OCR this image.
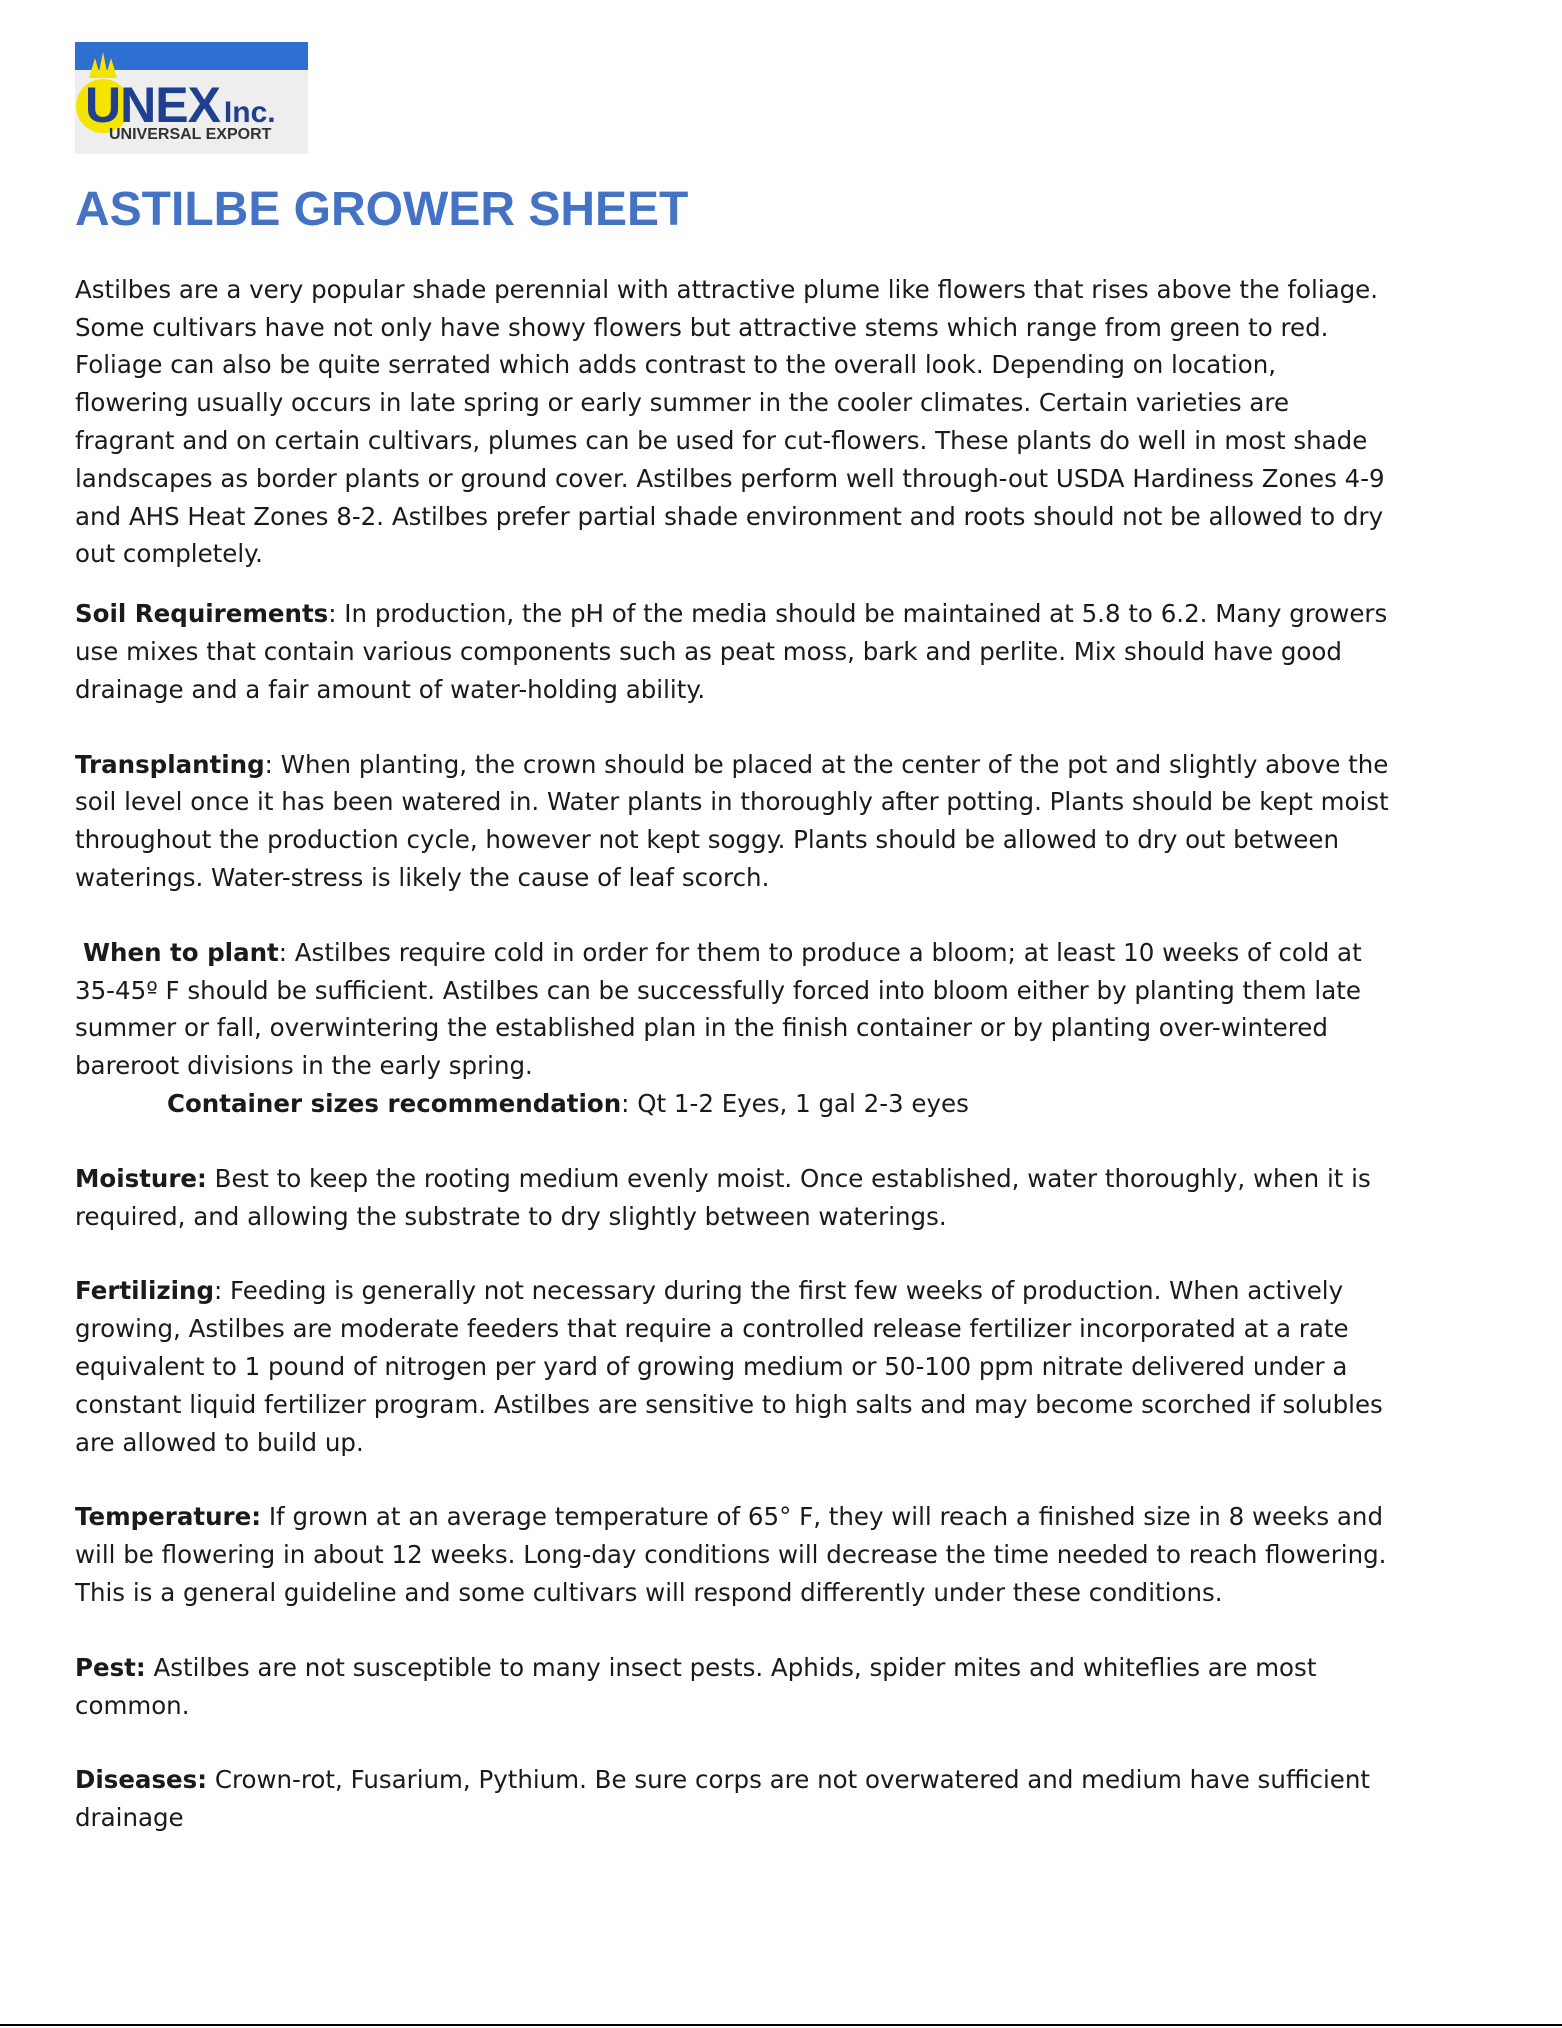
UNEX Inc.
UNIVERSAL EXPORT
ASTILBE GROWER SHEET

Astilbes are a very popular shade perennial with attractive plume like flowers that rises above the foliage. Some cultivars have not only have showy flowers but attractive stems which range from green to red. Foliage can also be quite serrated which adds contrast to the overall look. Depending on location, flowering usually occurs in late spring or early summer in the cooler climates. Certain varieties are fragrant and on certain cultivars, plumes can be used for cut-flowers. These plants do well in most shade landscapes as border plants or ground cover. Astilbes perform well through-out USDA Hardiness Zones 4-9 and AHS Heat Zones 8-2. Astilbes prefer partial shade environment and roots should not be allowed to dry out completely.

Soil Requirements: In production, the pH of the media should be maintained at 5.8 to 6.2. Many growers use mixes that contain various components such as peat moss, bark and perlite. Mix should have good drainage and a fair amount of water-holding ability.

Transplanting: When planting, the crown should be placed at the center of the pot and slightly above the soil level once it has been watered in. Water plants in thoroughly after potting. Plants should be kept moist throughout the production cycle, however not kept soggy. Plants should be allowed to dry out between waterings. Water-stress is likely the cause of leaf scorch.

When to plant: Astilbes require cold in order for them to produce a bloom; at least 10 weeks of cold at 35-45º F should be sufficient. Astilbes can be successfully forced into bloom either by planting them late summer or fall, overwintering the established plan in the finish container or by planting over-wintered bareroot divisions in the early spring.

Container sizes recommendation: Qt 1-2 Eyes, 1 gal 2-3 eyes

Moisture: Best to keep the rooting medium evenly moist. Once established, water thoroughly, when it is required, and allowing the substrate to dry slightly between waterings.

Fertilizing: Feeding is generally not necessary during the first few weeks of production. When actively growing, Astilbes are moderate feeders that require a controlled release fertilizer incorporated at a rate equivalent to 1 pound of nitrogen per yard of growing medium or 50-100 ppm nitrate delivered under a constant liquid fertilizer program. Astilbes are sensitive to high salts and may become scorched if solubles are allowed to build up.

Temperature: If grown at an average temperature of 65° F, they will reach a finished size in 8 weeks and will be flowering in about 12 weeks. Long-day conditions will decrease the time needed to reach flowering. This is a general guideline and some cultivars will respond differently under these conditions.

Pest: Astilbes are not susceptible to many insect pests. Aphids, spider mites and whiteflies are most common.

Diseases: Crown-rot, Fusarium, Pythium. Be sure corps are not overwatered and medium have sufficient drainage
